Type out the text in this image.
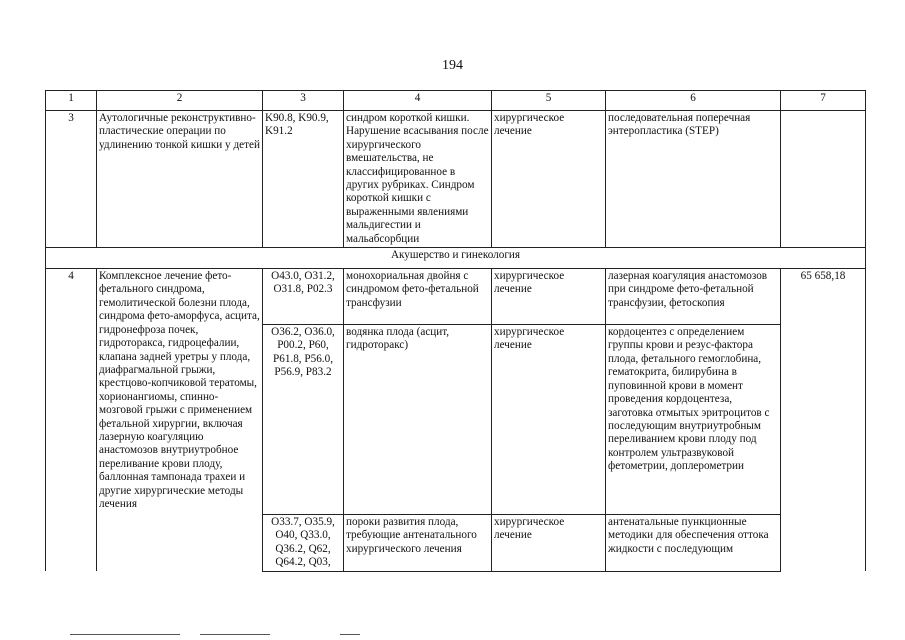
194
1	2	3	4	5	6	7
3	Аутологичные реконструктивно-пластические операции по удлинению тонкой кишки у детей	K90.8, K90.9, K91.2	синдром короткой кишки. Нарушение всасывания после хирургического вмешательства, не классифицированное в других рубриках. Синдром короткой кишки с выраженными явлениями мальдигестии и мальабсорбции	хирургическое лечение	последовательная поперечная энтеропластика (STEP)	
Акушерство и гинекология						
4	Комплексное лечение фето-фетального синдрома, гемолитической болезни плода, синдрома фето-аморфуса, асцита, гидронефроза почек, гидроторакса, гидроцефалии, клапана задней уретры у плода, диафрагмальной грыжи, крестцово-копчиковой тератомы, хорионангиомы, спинно-мозговой грыжи с применением фетальной хирургии, включая лазерную коагуляцию анастомозов внутриутробное переливание крови плоду, баллонная тампонада трахеи и другие хирургические методы лечения	O43.0, O31.2, O31.8, P02.3	монохориальная двойня с синдромом фето-фетальной трансфузии	хирургическое лечение	лазерная коагуляция анастомозов при синдроме фето-фетальной трансфузии, фетоскопия	65 658,18
		O36.2, O36.0, P00.2, P60, P61.8, P56.0, P56.9, P83.2	водянка плода (асцит, гидроторакс)	хирургическое лечение	кордоцентез с определением группы крови и резус-фактора плода, фетального гемоглобина, гематокрита, билирубина в пуповинной крови в момент проведения кордоцентеза, заготовка отмытых эритроцитов с последующим внутриутробным переливанием крови плоду под контролем ультразвуковой фетометрии, доплерометрии	
		O33.7, O35.9, O40, Q33.0, Q36.2, Q62, Q64.2, Q03,	пороки развития плода, требующие антенатального хирургического лечения	хирургическое лечение	антенатальные пункционные методики для обеспечения оттока жидкости с последующим	
